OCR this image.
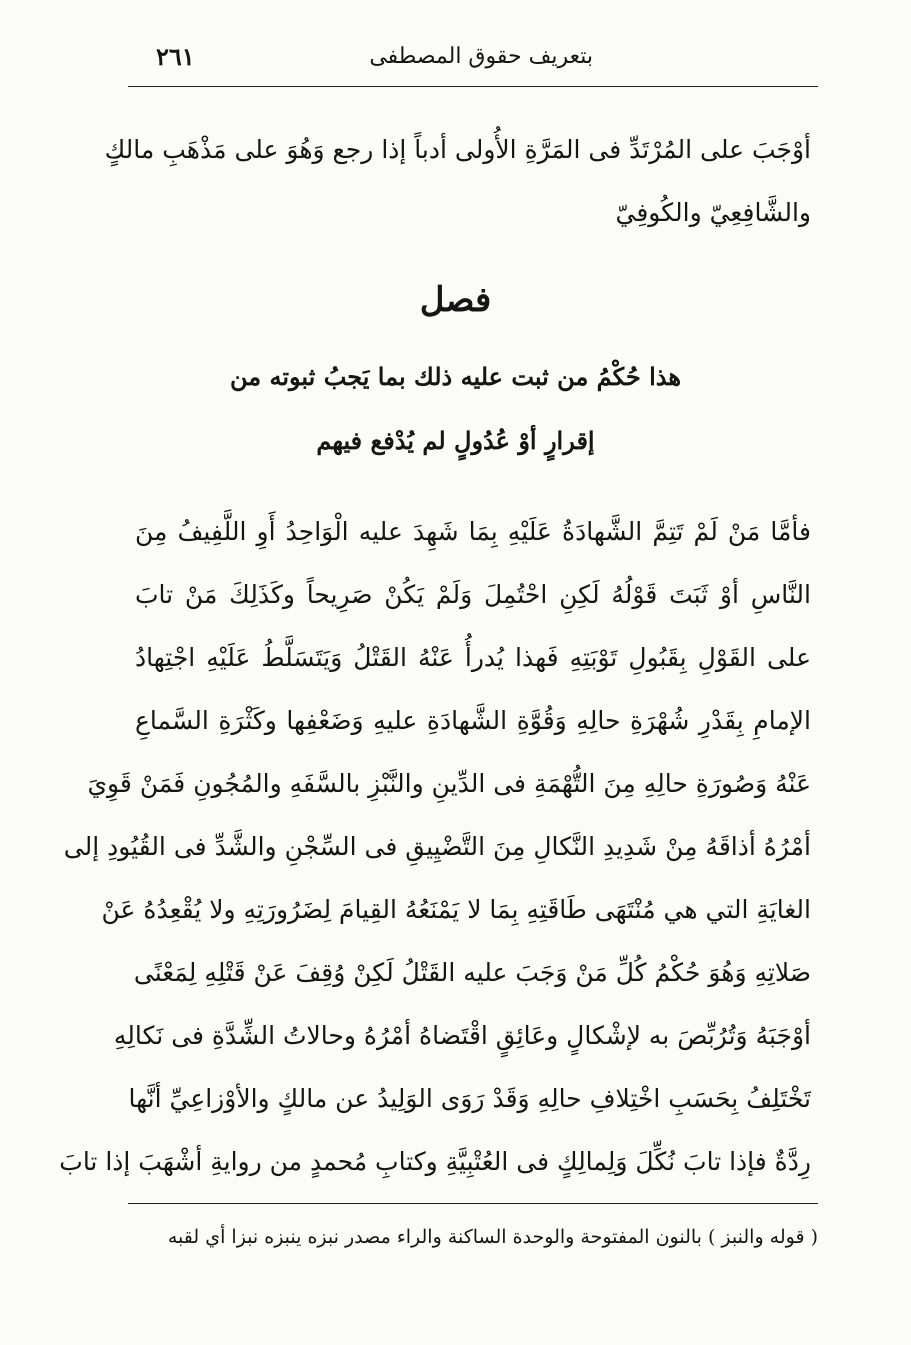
بتعريف حقوق المصطفى
٢٦١
أوْجَبَ على المُرْتَدِّ فى المَرَّةِ الأُولى أدباً إذا رجع وَهُوَ على مَذْهَبِ مالكٍ
والشَّافِعِيّ والكُوفِيّ
فصل
هذا حُكْمُ من ثبت عليه ذلك بما يَجبُ ثبوته من
إقرارٍ أوْ عُدُولٍ لم يُدْفع فيهم
فأمَّا مَنْ لَمْ تَتِمَّ الشَّهادَةُ عَلَيْهِ بِمَا شَهِدَ عليه الْوَاحِدُ أَوِ اللَّفِيفُ مِنَ
النَّاسِ أوْ ثَبَتَ قَوْلُهُ لَكِنِ احْتُمِلَ وَلَمْ يَكُنْ صَرِيحاً وكَذَلِكَ مَنْ تابَ
على القَوْلِ بِقَبُولِ تَوْبَتِهِ فَهذا يُدرأُ عَنْهُ القَتْلُ وَيَتَسَلَّطُ عَلَيْهِ اجْتِهادُ
الإمامِ بِقَدْرِ شُهْرَةِ حالِهِ وَقُوَّةِ الشَّهادَةِ عليهِ وَضَعْفِها وكَثْرَةِ السَّماعِ
عَنْهُ وَصُورَةِ حالِهِ مِنَ التُّهْمَةِ فى الدِّينِ والنَّبْزِ بالسَّفَهِ والمُجُونِ فَمَنْ قَوِيَ
أمْرُهُ أذاقَهُ مِنْ شَدِيدِ النَّكالِ مِنَ التَّضْيِيقِ فى السِّجْنِ والشَّدِّ فى القُيُودِ إلى
الغايَةِ التي هي مُنْتَهَى طَاقَتِهِ بِمَا لا يَمْنَعُهُ القِيامَ لِضَرُورَتِهِ ولا يُقْعِدُهُ عَنْ
صَلاتِهِ وَهُوَ حُكْمُ كُلِّ مَنْ وَجَبَ عليه القَتْلُ لَكِنْ وُقِفَ عَنْ قَتْلِهِ لِمَعْنًى
أوْجَبَهُ وَتُرُبِّصَ به لإشْكالٍ وعَائِقٍ اقْتَضاهُ أمْرُهُ وحالاتُ الشِّدَّةِ فى نَكالِهِ
تَخْتَلِفُ بِحَسَبِ اخْتِلافِ حالِهِ وَقَدْ رَوَى الوَلِيدُ عن مالكٍ والأوْزاعِيِّ أنَّها
رِدَّةٌ فإذا تابَ نُكِّلَ وَلِمالِكٍ فى العُتْبِيَّةِ وكتابِ مُحمدٍ من روايةِ أشْهَبَ إذا تابَ
( قوله والنبز ) بالنون المفتوحة والوحدة الساكنة والراء مصدر نبزه ينبزه نبزا أي لقبه
